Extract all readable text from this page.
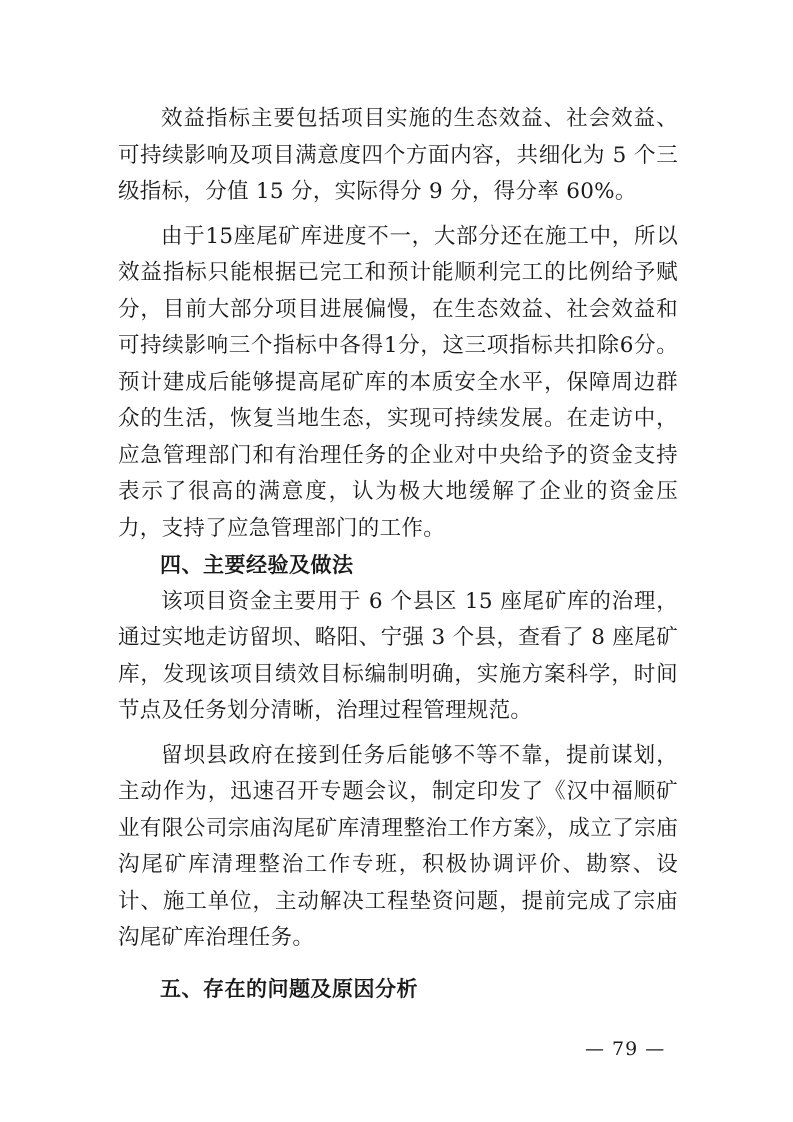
效益指标主要包括项目实施的生态效益、社会效益、可持续影响及项目满意度四个方面内容，共细化为 5 个三级指标，分值 15 分，实际得分 9 分，得分率 60%。

由于15座尾矿库进度不一，大部分还在施工中，所以效益指标只能根据已完工和预计能顺利完工的比例给予赋分，目前大部分项目进展偏慢，在生态效益、社会效益和可持续影响三个指标中各得1分，这三项指标共扣除6分。预计建成后能够提高尾矿库的本质安全水平，保障周边群众的生活，恢复当地生态，实现可持续发展。在走访中，应急管理部门和有治理任务的企业对中央给予的资金支持表示了很高的满意度，认为极大地缓解了企业的资金压力，支持了应急管理部门的工作。

四、主要经验及做法

该项目资金主要用于 6 个县区 15 座尾矿库的治理，通过实地走访留坝、略阳、宁强 3 个县，查看了 8 座尾矿库，发现该项目绩效目标编制明确，实施方案科学，时间节点及任务划分清晰，治理过程管理规范。

留坝县政府在接到任务后能够不等不靠，提前谋划，主动作为，迅速召开专题会议，制定印发了《汉中福顺矿业有限公司宗庙沟尾矿库清理整治工作方案》，成立了宗庙沟尾矿库清理整治工作专班，积极协调评价、勘察、设计、施工单位，主动解决工程垫资问题，提前完成了宗庙沟尾矿库治理任务。

五、存在的问题及原因分析
— 79 —
